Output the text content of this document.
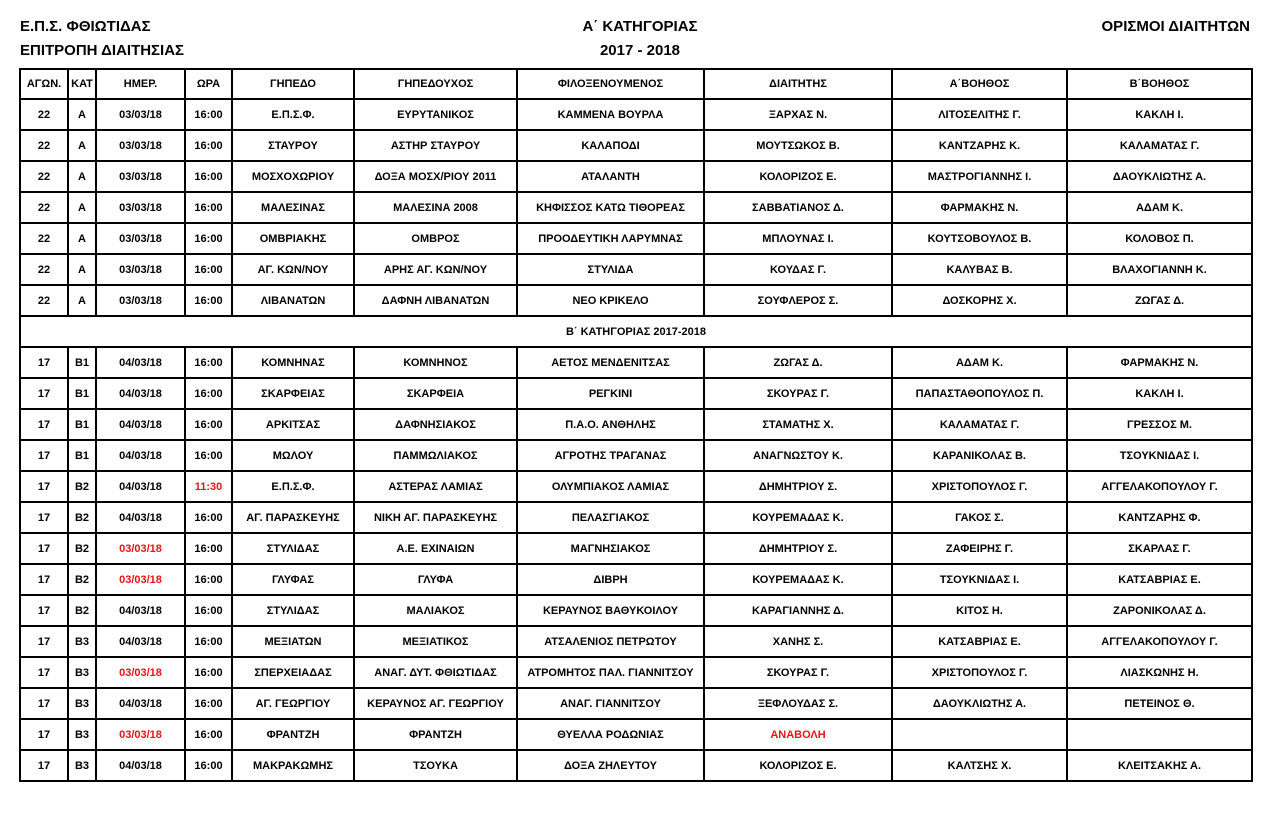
Ε.Π.Σ. ΦΘΙΩΤΙΔΑΣ
ΕΠΙΤΡΟΠΗ ΔΙΑΙΤΗΣΙΑΣ
Α΄ ΚΑΤΗΓΟΡΙΑΣ
2017 - 2018
ΟΡΙΣΜΟΙ ΔΙΑΙΤΗΤΩΝ
ΑΓΩΝ.	ΚΑΤ	ΗΜΕΡ.	ΩΡΑ	ΓΗΠΕΔΟ	ΓΗΠΕΔΟΥΧΟΣ	ΦΙΛΟΞΕΝΟΥΜΕΝΟΣ	ΔΙΑΙΤΗΤΗΣ	Α΄ΒΟΗΘΟΣ	Β΄ΒΟΗΘΟΣ
22	Α	03/03/18	16:00	Ε.Π.Σ.Φ.	ΕΥΡΥΤΑΝΙΚΟΣ	ΚΑΜΜΕΝΑ ΒΟΥΡΛΑ	ΞΑΡΧΑΣ Ν.	ΛΙΤΟΣΕΛΙΤΗΣ Γ.	ΚΑΚΛΗ Ι.
22	Α	03/03/18	16:00	ΣΤΑΥΡΟΥ	ΑΣΤΗΡ ΣΤΑΥΡΟΥ	ΚΑΛΑΠΟΔΙ	ΜΟΥΤΣΩΚΟΣ Β.	ΚΑΝΤΖΑΡΗΣ Κ.	ΚΑΛΑΜΑΤΑΣ Γ.
22	Α	03/03/18	16:00	ΜΟΣΧΟΧΩΡΙΟΥ	ΔΟΞΑ ΜΟΣΧ/ΡΙΟΥ 2011	ΑΤΑΛΑΝΤΗ	ΚΟΛΟΡΙΖΟΣ Ε.	ΜΑΣΤΡΟΓΙΑΝΝΗΣ Ι.	ΔΑΟΥΚΛΙΩΤΗΣ Α.
22	Α	03/03/18	16:00	ΜΑΛΕΣΙΝΑΣ	ΜΑΛΕΣΙΝΑ 2008	ΚΗΦΙΣΣΟΣ ΚΑΤΩ ΤΙΘΟΡΕΑΣ	ΣΑΒΒΑΤΙΑΝΟΣ Δ.	ΦΑΡΜΑΚΗΣ Ν.	ΑΔΑΜ Κ.
22	Α	03/03/18	16:00	ΟΜΒΡΙΑΚΗΣ	ΟΜΒΡΟΣ	ΠΡΟΟΔΕΥΤΙΚΗ ΛΑΡΥΜΝΑΣ	ΜΠΛΟΥΝΑΣ Ι.	ΚΟΥΤΣΟΒΟΥΛΟΣ Β.	ΚΟΛΟΒΟΣ Π.
22	Α	03/03/18	16:00	ΑΓ. ΚΩΝ/ΝΟΥ	ΑΡΗΣ ΑΓ. ΚΩΝ/ΝΟΥ	ΣΤΥΛΙΔΑ	ΚΟΥΔΑΣ Γ.	ΚΑΛΥΒΑΣ Β.	ΒΛΑΧΟΓΙΑΝΝΗ Κ.
22	Α	03/03/18	16:00	ΛΙΒΑΝΑΤΩΝ	ΔΑΦΝΗ ΛΙΒΑΝΑΤΩΝ	ΝΕΟ ΚΡΙΚΕΛΟ	ΣΟΥΦΛΕΡΟΣ Σ.	ΔΟΣΚΟΡΗΣ Χ.	ΖΩΓΑΣ Δ.
Β΄ ΚΑΤΗΓΟΡΙΑΣ 2017-2018									
17	Β1	04/03/18	16:00	ΚΟΜΝΗΝΑΣ	ΚΟΜΝΗΝΟΣ	ΑΕΤΟΣ ΜΕΝΔΕΝΙΤΣΑΣ	ΖΩΓΑΣ Δ.	ΑΔΑΜ Κ.	ΦΑΡΜΑΚΗΣ Ν.
17	Β1	04/03/18	16:00	ΣΚΑΡΦΕΙΑΣ	ΣΚΑΡΦΕΙΑ	ΡΕΓΚΙΝΙ	ΣΚΟΥΡΑΣ Γ.	ΠΑΠΑΣΤΑΘΟΠΟΥΛΟΣ Π.	ΚΑΚΛΗ Ι.
17	Β1	04/03/18	16:00	ΑΡΚΙΤΣΑΣ	ΔΑΦΝΗΣΙΑΚΟΣ	Π.Α.Ο. ΑΝΘΗΛΗΣ	ΣΤΑΜΑΤΗΣ Χ.	ΚΑΛΑΜΑΤΑΣ Γ.	ΓΡΕΣΣΟΣ Μ.
17	Β1	04/03/18	16:00	ΜΩΛΟΥ	ΠΑΜΜΩΛΙΑΚΟΣ	ΑΓΡΟΤΗΣ ΤΡΑΓΑΝΑΣ	ΑΝΑΓΝΩΣΤΟΥ Κ.	ΚΑΡΑΝΙΚΟΛΑΣ Β.	ΤΣΟΥΚΝΙΔΑΣ Ι.
17	Β2	04/03/18	11:30	Ε.Π.Σ.Φ.	ΑΣΤΕΡΑΣ ΛΑΜΙΑΣ	ΟΛΥΜΠΙΑΚΟΣ ΛΑΜΙΑΣ	ΔΗΜΗΤΡΙΟΥ Σ.	ΧΡΙΣΤΟΠΟΥΛΟΣ Γ.	ΑΓΓΕΛΑΚΟΠΟΥΛΟΥ Γ.
17	Β2	04/03/18	16:00	ΑΓ. ΠΑΡΑΣΚΕΥΗΣ	ΝΙΚΗ ΑΓ. ΠΑΡΑΣΚΕΥΗΣ	ΠΕΛΑΣΓΙΑΚΟΣ	ΚΟΥΡΕΜΑΔΑΣ Κ.	ΓΑΚΟΣ Σ.	ΚΑΝΤΖΑΡΗΣ Φ.
17	Β2	03/03/18	16:00	ΣΤΥΛΙΔΑΣ	Α.Ε. ΕΧΙΝΑΙΩΝ	ΜΑΓΝΗΣΙΑΚΟΣ	ΔΗΜΗΤΡΙΟΥ Σ.	ΖΑΦΕΙΡΗΣ Γ.	ΣΚΑΡΛΑΣ Γ.
17	Β2	03/03/18	16:00	ΓΛΥΦΑΣ	ΓΛΥΦΑ	ΔΙΒΡΗ	ΚΟΥΡΕΜΑΔΑΣ Κ.	ΤΣΟΥΚΝΙΔΑΣ Ι.	ΚΑΤΣΑΒΡΙΑΣ Ε.
17	Β2	04/03/18	16:00	ΣΤΥΛΙΔΑΣ	ΜΑΛΙΑΚΟΣ	ΚΕΡΑΥΝΟΣ ΒΑΘΥΚΟΙΛΟΥ	ΚΑΡΑΓΙΑΝΝΗΣ Δ.	ΚΙΤΟΣ Η.	ΖΑΡΟΝΙΚΟΛΑΣ Δ.
17	Β3	04/03/18	16:00	ΜΕΞΙΑΤΩΝ	ΜΕΞΙΑΤΙΚΟΣ	ΑΤΣΑΛΕΝΙΟΣ ΠΕΤΡΩΤΟΥ	ΧΑΝΗΣ Σ.	ΚΑΤΣΑΒΡΙΑΣ Ε.	ΑΓΓΕΛΑΚΟΠΟΥΛΟΥ Γ.
17	Β3	03/03/18	16:00	ΣΠΕΡΧΕΙΑΔΑΣ	ΑΝΑΓ. ΔΥΤ. ΦΘΙΩΤΙΔΑΣ	ΑΤΡΟΜΗΤΟΣ ΠΑΛ. ΓΙΑΝΝΙΤΣΟΥ	ΣΚΟΥΡΑΣ Γ.	ΧΡΙΣΤΟΠΟΥΛΟΣ Γ.	ΛΙΑΣΚΩΝΗΣ Η.
17	Β3	04/03/18	16:00	ΑΓ. ΓΕΩΡΓΙΟΥ	ΚΕΡΑΥΝΟΣ ΑΓ. ΓΕΩΡΓΙΟΥ	ΑΝΑΓ. ΓΙΑΝΝΙΤΣΟΥ	ΞΕΦΛΟΥΔΑΣ Σ.	ΔΑΟΥΚΛΙΩΤΗΣ Α.	ΠΕΤΕΙΝΟΣ Θ.
17	Β3	03/03/18	16:00	ΦΡΑΝΤΖΗ	ΦΡΑΝΤΖΗ	ΘΥΕΛΛΑ ΡΟΔΩΝΙΑΣ	ΑΝΑΒΟΛΗ		
17	Β3	04/03/18	16:00	ΜΑΚΡΑΚΩΜΗΣ	ΤΣΟΥΚΑ	ΔΟΞΑ ΖΗΛΕΥΤΟΥ	ΚΟΛΟΡΙΖΟΣ Ε.	ΚΑΛΤΣΗΣ Χ.	ΚΛΕΙΤΣΑΚΗΣ Α.
